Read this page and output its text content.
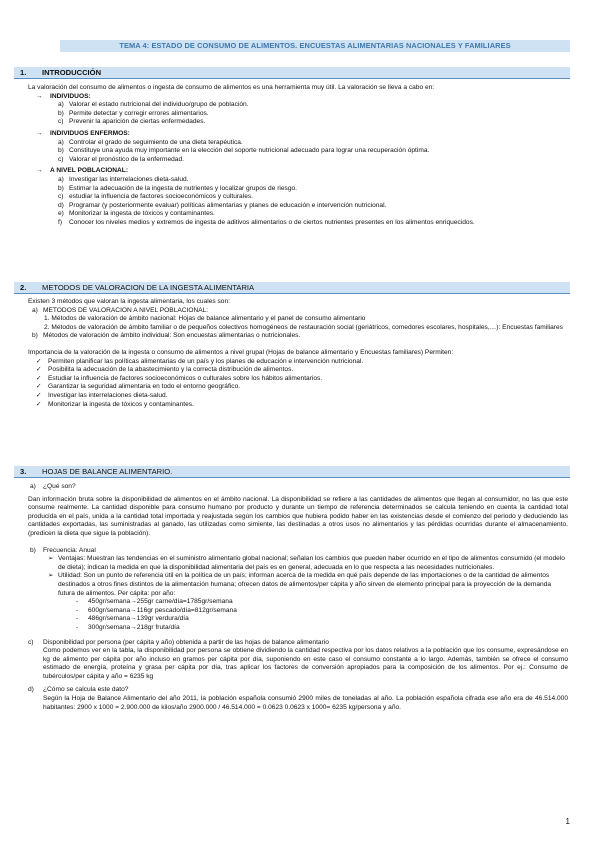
TEMA 4: ESTADO DE CONSUMO DE ALIMENTOS. ENCUESTAS ALIMENTARIAS NACIONALES Y FAMILIARES
1. INTRODUCCIÓN
La valoración del consumo de alimentos o ingesta de consumo de alimentos es una herramienta muy útil. La valoración se lleva a cabo en:
→ INDIVIDUOS:
a) Valorar el estado nutricional del individuo/grupo de población.
b) Permite detectar y corregir errores alimentarios.
c) Prevenir la aparición de ciertas enfermedades.
→ INDIVIDUOS ENFERMOS:
a) Controlar el grado de seguimiento de una dieta terapéutica.
b) Constituye una ayuda muy importante en la elección del soporte nutricional adecuado para lograr una recuperación óptima.
c) Valorar el pronóstico de la enfermedad.
→ A NIVEL POBLACIONAL:
a) Investigar las interrelaciones dieta-salud.
b) Estimar la adecuación de la ingesta de nutrientes y localizar grupos de riesgo.
c) estudiar la influencia de factores socioeconómicos y culturales.
d) Programar (y posteriormente evaluar) políticas alimentarias y planes de educación e intervención nutricional.
e) Monitorizar la ingesta de tóxicos y contaminantes.
f) Conocer los niveles medios y extremos de ingesta de aditivos alimentarios o de ciertos nutrientes presentes en los alimentos enriquecidos.
2. METODOS DE VALORACION DE LA INGESTA ALIMENTARIA
Existen 3 métodos que valoran la ingesta alimentaria, los cuales son:
a) METODOS DE VALORACION A NIVEL POBLACIONAL:
1. Métodos de valoración de ámbito nacional: Hojas de balance alimentario y el panel de consumo alimentario
2. Métodos de valoración de ámbito familiar o de pequeños colectivos homogéneos de restauración social (geriátricos, comedores escolares, hospitales,…): Encuestas familiares
b) Métodos de valoración de ámbito individual: Son encuestas alimentarias o nutricionales.
Importancia de la valoración de la ingesta o consumo de alimentos a nivel grupal (Hojas de balance alimentario y Encuestas familiares) Permiten:
✓ Permiten planificar las políticas alimentarias de un país y los planes de educación e intervención nutricional.
✓ Posibilita la adecuación de la abastecimiento y la correcta distribución de alimentos.
✓ Estudiar la influencia de factores socioeconómicos o culturales sobre los hábitos alimentarios.
✓ Garantizar la seguridad alimentaria en todo el entorno geográfico.
✓ Investigar las interrelaciones dieta-salud.
✓ Monitorizar la ingesta de tóxicos y contaminantes.
3. HOJAS DE BALANCE ALIMENTARIO.
a) ¿Qué son?

Dan información bruta sobre la disponibilidad de alimentos en el ámbito nacional. La disponibilidad se refiere a las cantidades de alimentos que llegan al consumidor, no las que este consume realmente. La cantidad disponible para consumo humano por producto y durante un tiempo de referencia determinados se calcula teniendo en cuenta la cantidad total producida en el país, unida a la cantidad total importada y reajustada según los cambios que hubiera podido haber en las existencias desde el comienzo del periodo y deduciendo las cantidades exportadas, las suministradas al ganado, las utilizadas como simiente, las destinadas a otros usos no alimentarios y las pérdidas ocurridas durante el almacenamiento. (predicen la dieta que sigue la población).

b) Frecuencia: Anual
➢ Ventajas: Muestran las tendencias en el suministro alimentario global nacional; señalan los cambios que pueden haber ocurrido en el tipo de alimentos consumido (el modelo de dieta); indican la medida en que la disponibilidad alimentaria del país es en general, adecuada en lo que respecta a las necesidades nutricionales.
➢ Utilidad: Son un punto de referencia útil en la política de un país; informan acerca de la medida en qué país depende de las importaciones o de la cantidad de alimentos destinados a otros fines distintos de la alimentación humana; ofrecen datos de alimentos/per cápita y año sirven de elemento principal para la proyección de la demanda futura de alimentos. Per cápita: por año:
- 450gr/semana→255gr carne/día=1785gr/semana
- 600gr/semana→116gr pescado/día=812gr/semana
- 486gr/semana→139gr verdura/día
- 300gr/semana→218gr fruta/día
c) Disponibilidad por persona (per cápita y año) obtenida a partir de las hojas de balance alimentario

Como podemos ver en la tabla, la disponibilidad por persona se obtiene dividiendo la cantidad respectiva por los datos relativos a la población que los consume, expresándose en kg de alimento per cápita por año incluso en gramos per cápita por día, suponiendo en este caso el consumo constante a lo largo. Además, también se ofrece el consumo estimado de energía, proteína y grasa per cápita por día, tras aplicar los factores de conversión apropiados para la composición de los alimentos. Por ej.: Consumo de tubérculos/per cápita y año = 6235 kg

d) ¿Cómo se calcula este dato?

Según la Hoja de Balance Alimentario del año 2011, la población española consumió 2900 miles de toneladas al año. La población española cifrada ese año era de 46.514.000 habitantes: 2900 x 1000 = 2.900.000 de kilos/año 2900.000 / 46.514.000 = 0.0623 0.0623 x 1000= 6235 kg/persona y año.

1
